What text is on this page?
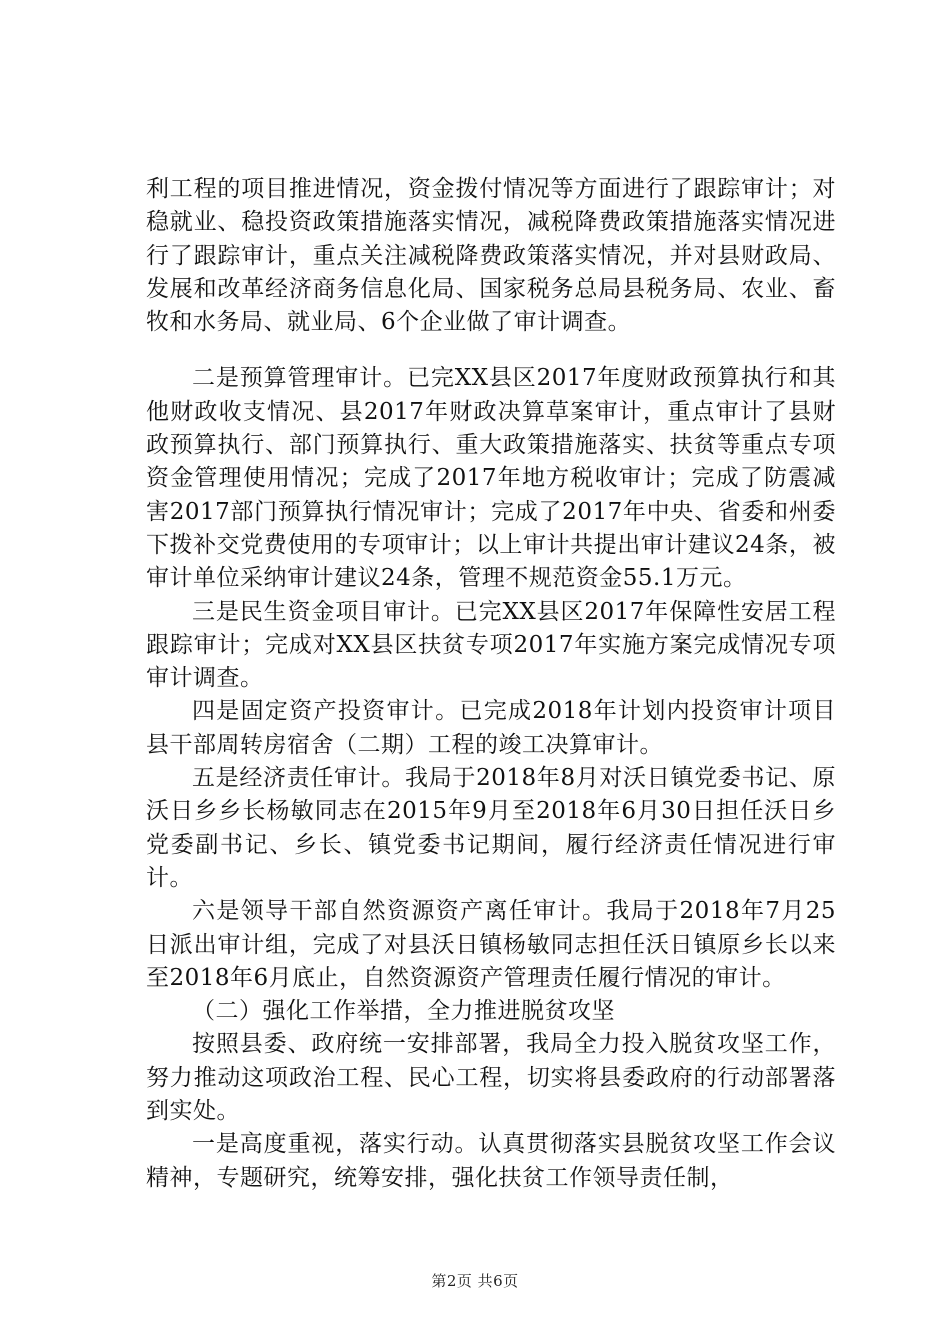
利工程的项目推进情况，资金拨付情况等方面进行了跟踪审计；对稳就业、稳投资政策措施落实情况，减税降费政策措施落实情况进行了跟踪审计，重点关注减税降费政策落实情况，并对县财政局、发展和改革经济商务信息化局、国家税务总局县税务局、农业、畜牧和水务局、就业局、6个企业做了审计调查。

二是预算管理审计。已完XX县区2017年度财政预算执行和其他财政收支情况、县2017年财政决算草案审计，重点审计了县财政预算执行、部门预算执行、重大政策措施落实、扶贫等重点专项资金管理使用情况；完成了2017年地方税收审计；完成了防震减害2017部门预算执行情况审计；完成了2017年中央、省委和州委下拨补交党费使用的专项审计；以上审计共提出审计建议24条，被审计单位采纳审计建议24条，管理不规范资金55.1万元。

三是民生资金项目审计。已完XX县区2017年保障性安居工程跟踪审计；完成对XX县区扶贫专项2017年实施方案完成情况专项审计调查。

四是固定资产投资审计。已完成2018年计划内投资审计项目县干部周转房宿舍（二期）工程的竣工决算审计。

五是经济责任审计。我局于2018年8月对沃日镇党委书记、原沃日乡乡长杨敏同志在2015年9月至2018年6月30日担任沃日乡党委副书记、乡长、镇党委书记期间，履行经济责任情况进行审计。

六是领导干部自然资源资产离任审计。我局于2018年7月25日派出审计组，完成了对县沃日镇杨敏同志担任沃日镇原乡长以来至2018年6月底止，自然资源资产管理责任履行情况的审计。

（二）强化工作举措，全力推进脱贫攻坚

按照县委、政府统一安排部署，我局全力投入脱贫攻坚工作，努力推动这项政治工程、民心工程，切实将县委政府的行动部署落到实处。

一是高度重视，落实行动。认真贯彻落实县脱贫攻坚工作会议精神，专题研究，统筹安排，强化扶贫工作领导责任制，

第2页 共6页
